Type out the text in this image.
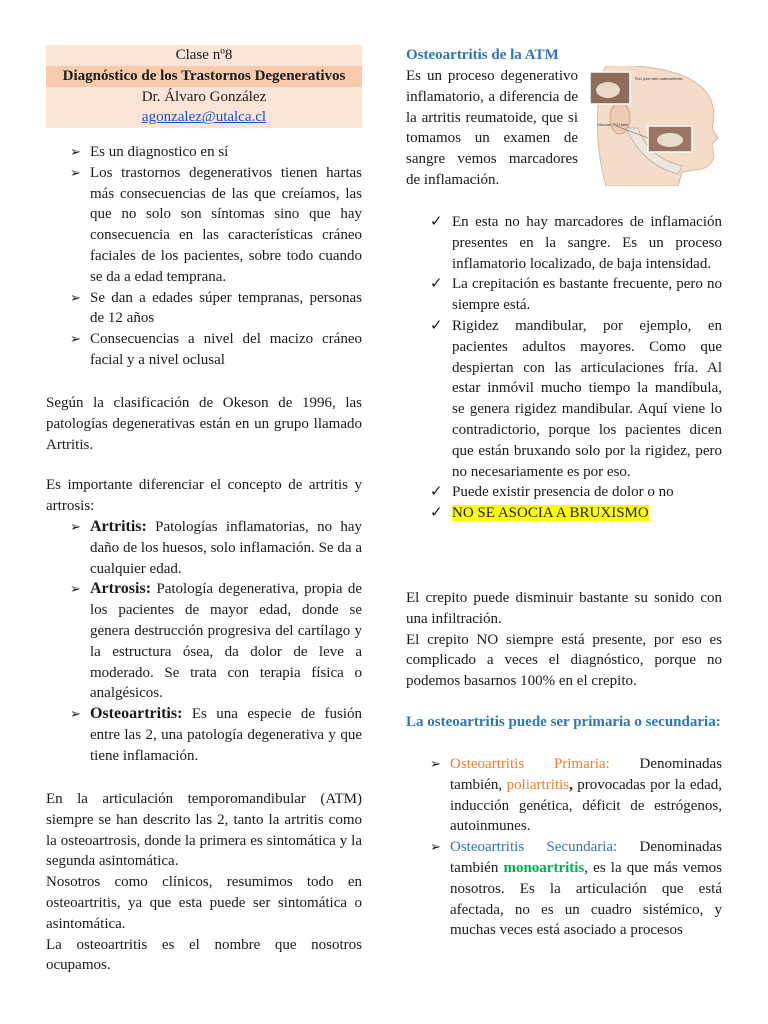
Clase nº8
Diagnóstico de los Trastornos Degenerativos
Dr. Álvaro González
agonzalez@utalca.cl
➢ Es un diagnostico en sí
➢ Los trastornos degenerativos tienen hartas más consecuencias de las que creíamos, las que no solo son síntomas sino que hay consecuencia en las características cráneo faciales de los pacientes, sobre todo cuando se da a edad temprana.
➢ Se dan a edades súper tempranas, personas de 12 años
➢ Consecuencias a nivel del macizo cráneo facial y a nivel oclusal

Según la clasificación de Okeson de 1996, las patologías degenerativas están en un grupo llamado Artritis.

Es importante diferenciar el concepto de artritis y artrosis:

➢ Artritis: Patologías inflamatorias, no hay daño de los huesos, solo inflamación. Se da a cualquier edad.
➢ Artrosis: Patología degenerativa, propia de los pacientes de mayor edad, donde se genera destrucción progresiva del cartílago y la estructura ósea, da dolor de leve a moderado. Se trata con terapia física o analgésicos.
➢ Osteoartritis: Es una especie de fusión entre las 2, una patología degenerativa y que tiene inflamación.
En la articulación temporomandibular (ATM) siempre se han descrito las 2, tanto la artritis como la osteoartrosis, donde la primera es sintomática y la segunda asintomática.
Nosotros como clínicos, resumimos todo en osteoartritis, ya que esta puede ser sintomática o asintomática.
La osteoartritis es el nombre que nosotros ocupamos.
Osteoartritis de la ATM

Es un proceso degenerativo inflamatorio, a diferencia de la artritis reumatoide, que si tomamos un examen de sangre vemos marcadores de inflamación.

✓ En esta no hay marcadores de inflamación presentes en la sangre. Es un proceso inflamatorio localizado, de baja intensidad.
✓ La crepitación es bastante frecuente, pero no siempre está.
✓ Rigidez mandibular, por ejemplo, en pacientes adultos mayores. Como que despiertan con las articulaciones fría. Al estar inmóvil mucho tiempo la mandíbula, se genera rigidez mandibular. Aquí viene lo contradictorio, porque los pacientes dicen que están bruxando solo por la rigidez, pero no necesariamente es por eso.
✓ Puede existir presencia de dolor o no
✓ NO SE ASOCIA A BRUXISMO
El crepito puede disminuir bastante su sonido con una infiltración.
El crepito NO siempre está presente, por eso es complicado a veces el diagnóstico, porque no podemos basarnos 100% en el crepito.
La osteoartritis puede ser primaria o secundaria:
➢ Osteoartritis Primaria: Denominadas también, poliartritis, provocadas por la edad, inducción genética, déficit de estrógenos, autoinmunes.
➢ Osteoartritis Secundaria: Denominadas también monoartritis, es la que más vemos nosotros. Es la articulación que está afectada, no es un cuadro sistémico, y muchas veces está asociado a procesos
TMJ joint with osteoarthritis
Normal TMJ joint
